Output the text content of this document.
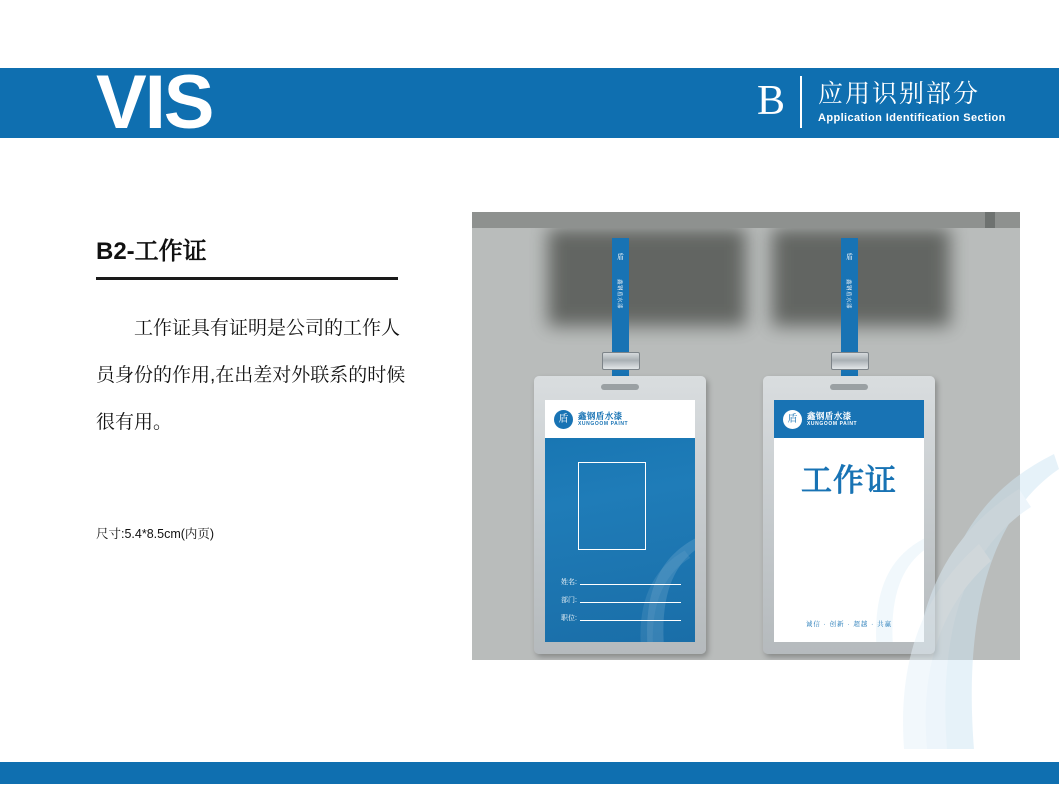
VIS	B 应用识别部分
Application Identification Section
B2-工作证
工作证具有证明是公司的工作人员身份的作用,在出差对外联系的时候很有用。
尺寸:5.4*8.5cm(内页)
盾
鑫钢盾水漆
盾
鑫钢盾水漆
盾	鑫钢盾水漆
XUNGOOM PAINT
姓名:
部门:
职位:
盾	鑫钢盾水漆
XUNGOOM PAINT
工作证
诚信 · 创新 · 超越 · 共赢
